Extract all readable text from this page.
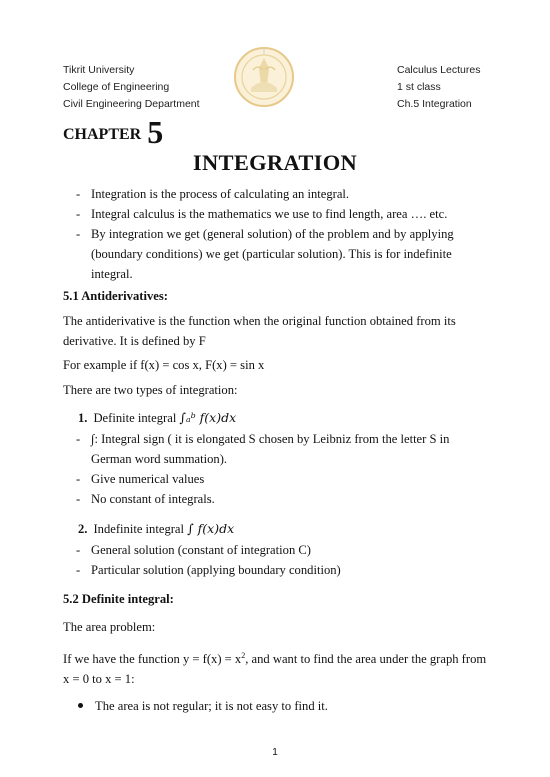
Tikrit University
College of Engineering
Civil Engineering Department
Calculus Lectures
1 st class
Ch.5 Integration
CHAPTER 5
INTEGRATION
- Integration is the process of calculating an integral.
- Integral calculus is the mathematics we use to find length, area …. etc.
- By integration we get (general solution) of the problem and by applying (boundary conditions) we get (particular solution). This is for indefinite integral.
5.1 Antiderivatives:
The antiderivative is the function when the original function obtained from its derivative. It is defined by F
For example if f(x) = cos x, F(x) = sin x
There are two types of integration:
1. Definite integral ∫ₐᵇ f(x)dx
- ∫: Integral sign ( it is elongated S chosen by Leibniz from the letter S in German word summation).
- Give numerical values
- No constant of integrals.
2. Indefinite integral ∫ f(x)dx
- General solution (constant of integration C)
- Particular solution (applying boundary condition)
5.2 Definite integral:
The area problem:
If we have the function $y = f(x) = x^2$, and want to find the area under the graph from
x = 0 to x = 1:
The area is not regular; it is not easy to find it.
1
